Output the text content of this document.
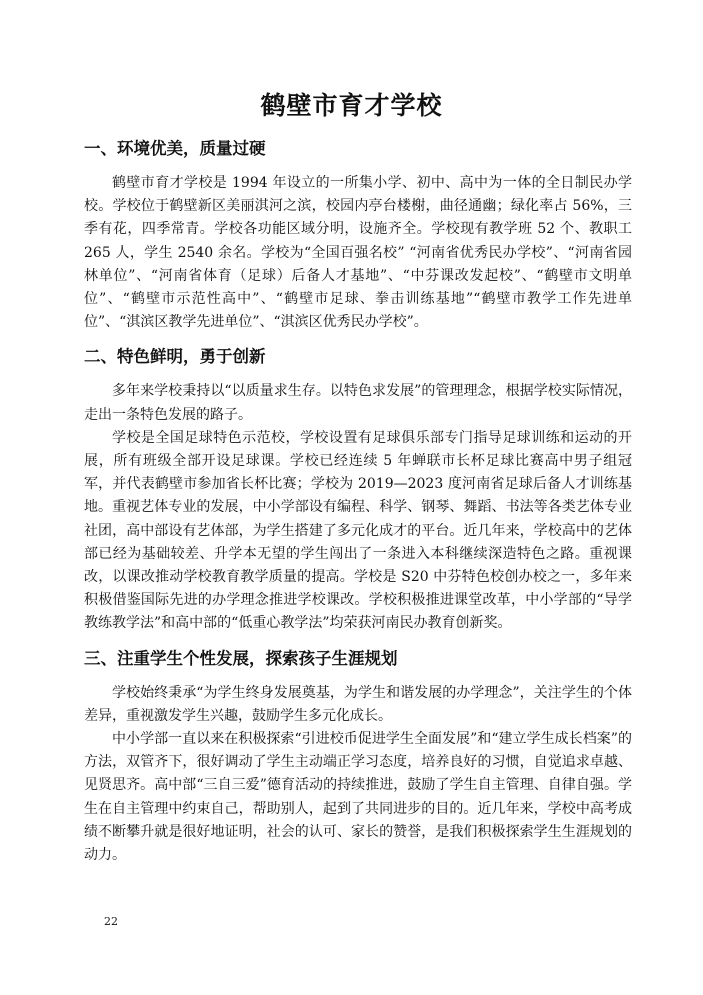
鹤壁市育才学校
一、环境优美，质量过硬

鹤壁市育才学校是 1994 年设立的一所集小学、初中、高中为一体的全日制民办学校。学校位于鹤壁新区美丽淇河之滨，校园内亭台楼榭，曲径通幽；绿化率占 56%，三季有花，四季常青。学校各功能区域分明，设施齐全。学校现有教学班 52 个、教职工 265 人，学生 2540 余名。学校为“全国百强名校” “河南省优秀民办学校”、“河南省园林单位”、“河南省体育（足球）后备人才基地”、“中芬课改发起校”、“鹤壁市文明单位”、“鹤壁市示范性高中”、“鹤壁市足球、拳击训练基地”“鹤壁市教学工作先进单位”、“淇滨区教学先进单位”、“淇滨区优秀民办学校”。

二、特色鲜明，勇于创新

多年来学校秉持以“以质量求生存。以特色求发展”的管理理念，根据学校实际情况，走出一条特色发展的路子。

学校是全国足球特色示范校，学校设置有足球俱乐部专门指导足球训练和运动的开展，所有班级全部开设足球课。学校已经连续 5 年蝉联市长杯足球比赛高中男子组冠军，并代表鹤壁市参加省长杯比赛；学校为 2019—2023 度河南省足球后备人才训练基地。重视艺体专业的发展，中小学部设有编程、科学、钢琴、舞蹈、书法等各类艺体专业社团，高中部设有艺体部，为学生搭建了多元化成才的平台。近几年来，学校高中的艺体部已经为基础较差、升学本无望的学生闯出了一条进入本科继续深造特色之路。重视课改，以课改推动学校教育教学质量的提高。学校是 S20 中芬特色校创办校之一，多年来积极借鉴国际先进的办学理念推进学校课改。学校积极推进课堂改革，中小学部的“导学教练教学法”和高中部的“低重心教学法”均荣获河南民办教育创新奖。

三、注重学生个性发展，探索孩子生涯规划

学校始终秉承“为学生终身发展奠基，为学生和谐发展的办学理念”，关注学生的个体差异，重视激发学生兴趣，鼓励学生多元化成长。

中小学部一直以来在积极探索“引进校币促进学生全面发展”和“建立学生成长档案”的方法，双管齐下，很好调动了学生主动端正学习态度，培养良好的习惯，自觉追求卓越、见贤思齐。高中部“三自三爱”德育活动的持续推进，鼓励了学生自主管理、自律自强。学生在自主管理中约束自己，帮助别人，起到了共同进步的目的。近几年来，学校中高考成绩不断攀升就是很好地证明，社会的认可、家长的赞誉，是我们积极探索学生生涯规划的动力。

22
